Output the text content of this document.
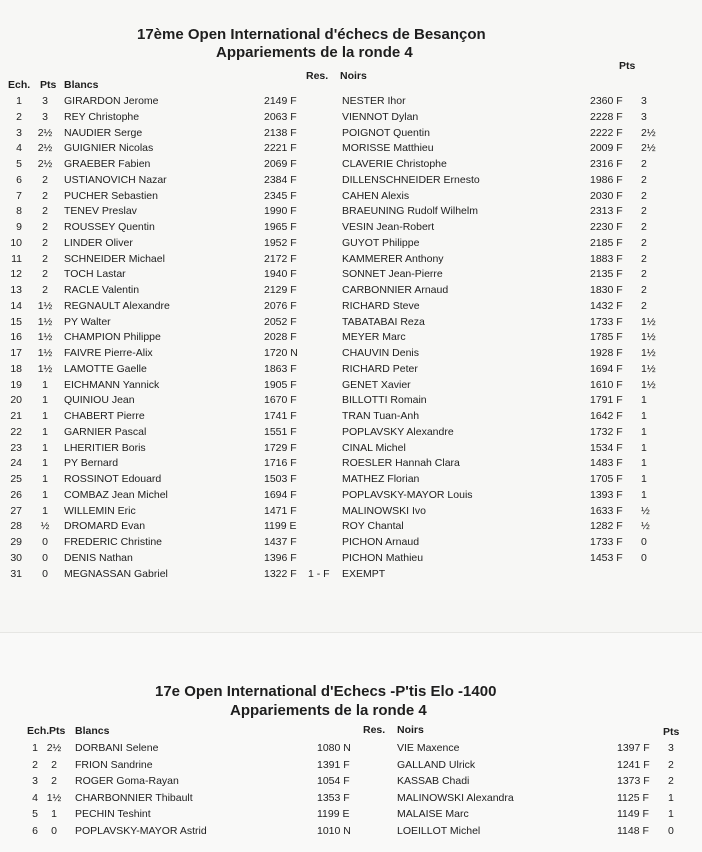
17ème Open International d'échecs de Besançon
Appariements de la ronde 4
Pts
Ech. Pts Blancs
Res. Noirs
1	3	GIRARDON Jerome	2149 F	NESTER Ihor	2360 F 3
2	3	REY Christophe	2063 F	VIENNOT Dylan	2228 F 3
3 2½ NAUDIER Serge	2138 F	POIGNOT Quentin	2222 F 2½
4 2½ GUIGNIER Nicolas	2221 F	MORISSE Matthieu	2009 F 2½
5 2½ GRAEBER Fabien	2069 F	CLAVERIE Christophe	2316 F 2
6	2	USTIANOVICH Nazar	2384 F	DILLENSCHNEIDER Ernesto	1986 F 2
7	2	PUCHER Sebastien	2345 F	CAHEN Alexis	2030 F 2
8	2	TENEV Preslav	1990 F	BRAEUNING Rudolf Wilhelm	2313 F 2
9	2	ROUSSEY Quentin	1965 F	VESIN Jean-Robert	2230 F 2
10	2	LINDER Oliver	1952 F	GUYOT Philippe	2185 F 2
11	2	SCHNEIDER Michael	2172 F	KAMMERER Anthony	1883 F 2
12	2	TOCH Lastar	1940 F	SONNET Jean-Pierre	2135 F 2
13	2	RACLE Valentin	2129 F	CARBONNIER Arnaud	1830 F 2
14 1½ REGNAULT Alexandre	2076 F	RICHARD Steve	1432 F 2
15 1½ PY Walter	2052 F	TABATABAI Reza	1733 F 1½
16 1½ CHAMPION Philippe	2028 F	MEYER Marc	1785 F 1½
17 1½ FAIVRE Pierre-Alix	1720 N	CHAUVIN Denis	1928 F 1½
18 1½ LAMOTTE Gaelle	1863 F	RICHARD Peter	1694 F 1½
19	1	EICHMANN Yannick	1905 F	GENET Xavier	1610 F 1½
20	1	QUINIOU Jean	1670 F	BILLOTTI Romain	1791 F 1
21	1	CHABERT Pierre	1741 F	TRAN Tuan-Anh	1642 F 1
22	1	GARNIER Pascal	1551 F	POPLAVSKY Alexandre	1732 F 1
23	1	LHERITIER Boris	1729 F	CINAL Michel	1534 F 1
24	1	PY Bernard	1716 F	ROESLER Hannah Clara	1483 F 1
25	1	ROSSINOT Edouard	1503 F	MATHEZ Florian	1705 F 1
26	1	COMBAZ Jean Michel	1694 F	POPLAVSKY-MAYOR Louis	1393 F 1
27	1	WILLEMIN Eric	1471 F	MALINOWSKI Ivo	1633 F ½
28	½	DROMARD Evan	1199 E	ROY Chantal	1282 F ½
29	0	FREDERIC Christine	1437 F	PICHON Arnaud	1733 F 0
30	0	DENIS Nathan	1396 F	PICHON Mathieu	1453 F 0
31	0	MEGNASSAN Gabriel	1322 F 1 - F EXEMPT
17e Open International d'Echecs -P'tis Elo -1400
Appariements de la ronde 4
Ech. Pts Blancs	Res. Noirs	Pts
1 2½ DORBANI Selene	1080 N	VIE Maxence	1397 F 3
2	2	FRION Sandrine	1391 F	GALLAND Ulrick	1241 F 2
3	2	ROGER Goma-Rayan	1054 F	KASSAB Chadi	1373 F 2
4 1½ CHARBONNIER Thibault	1353 F	MALINOWSKI Alexandra	1125 F 1
5	1	PECHIN Teshint	1199 E	MALAISE Marc	1149 F 1
6	0	POPLAVSKY-MAYOR Astrid	1010 N	LOEILLOT Michel	1148 F 0
